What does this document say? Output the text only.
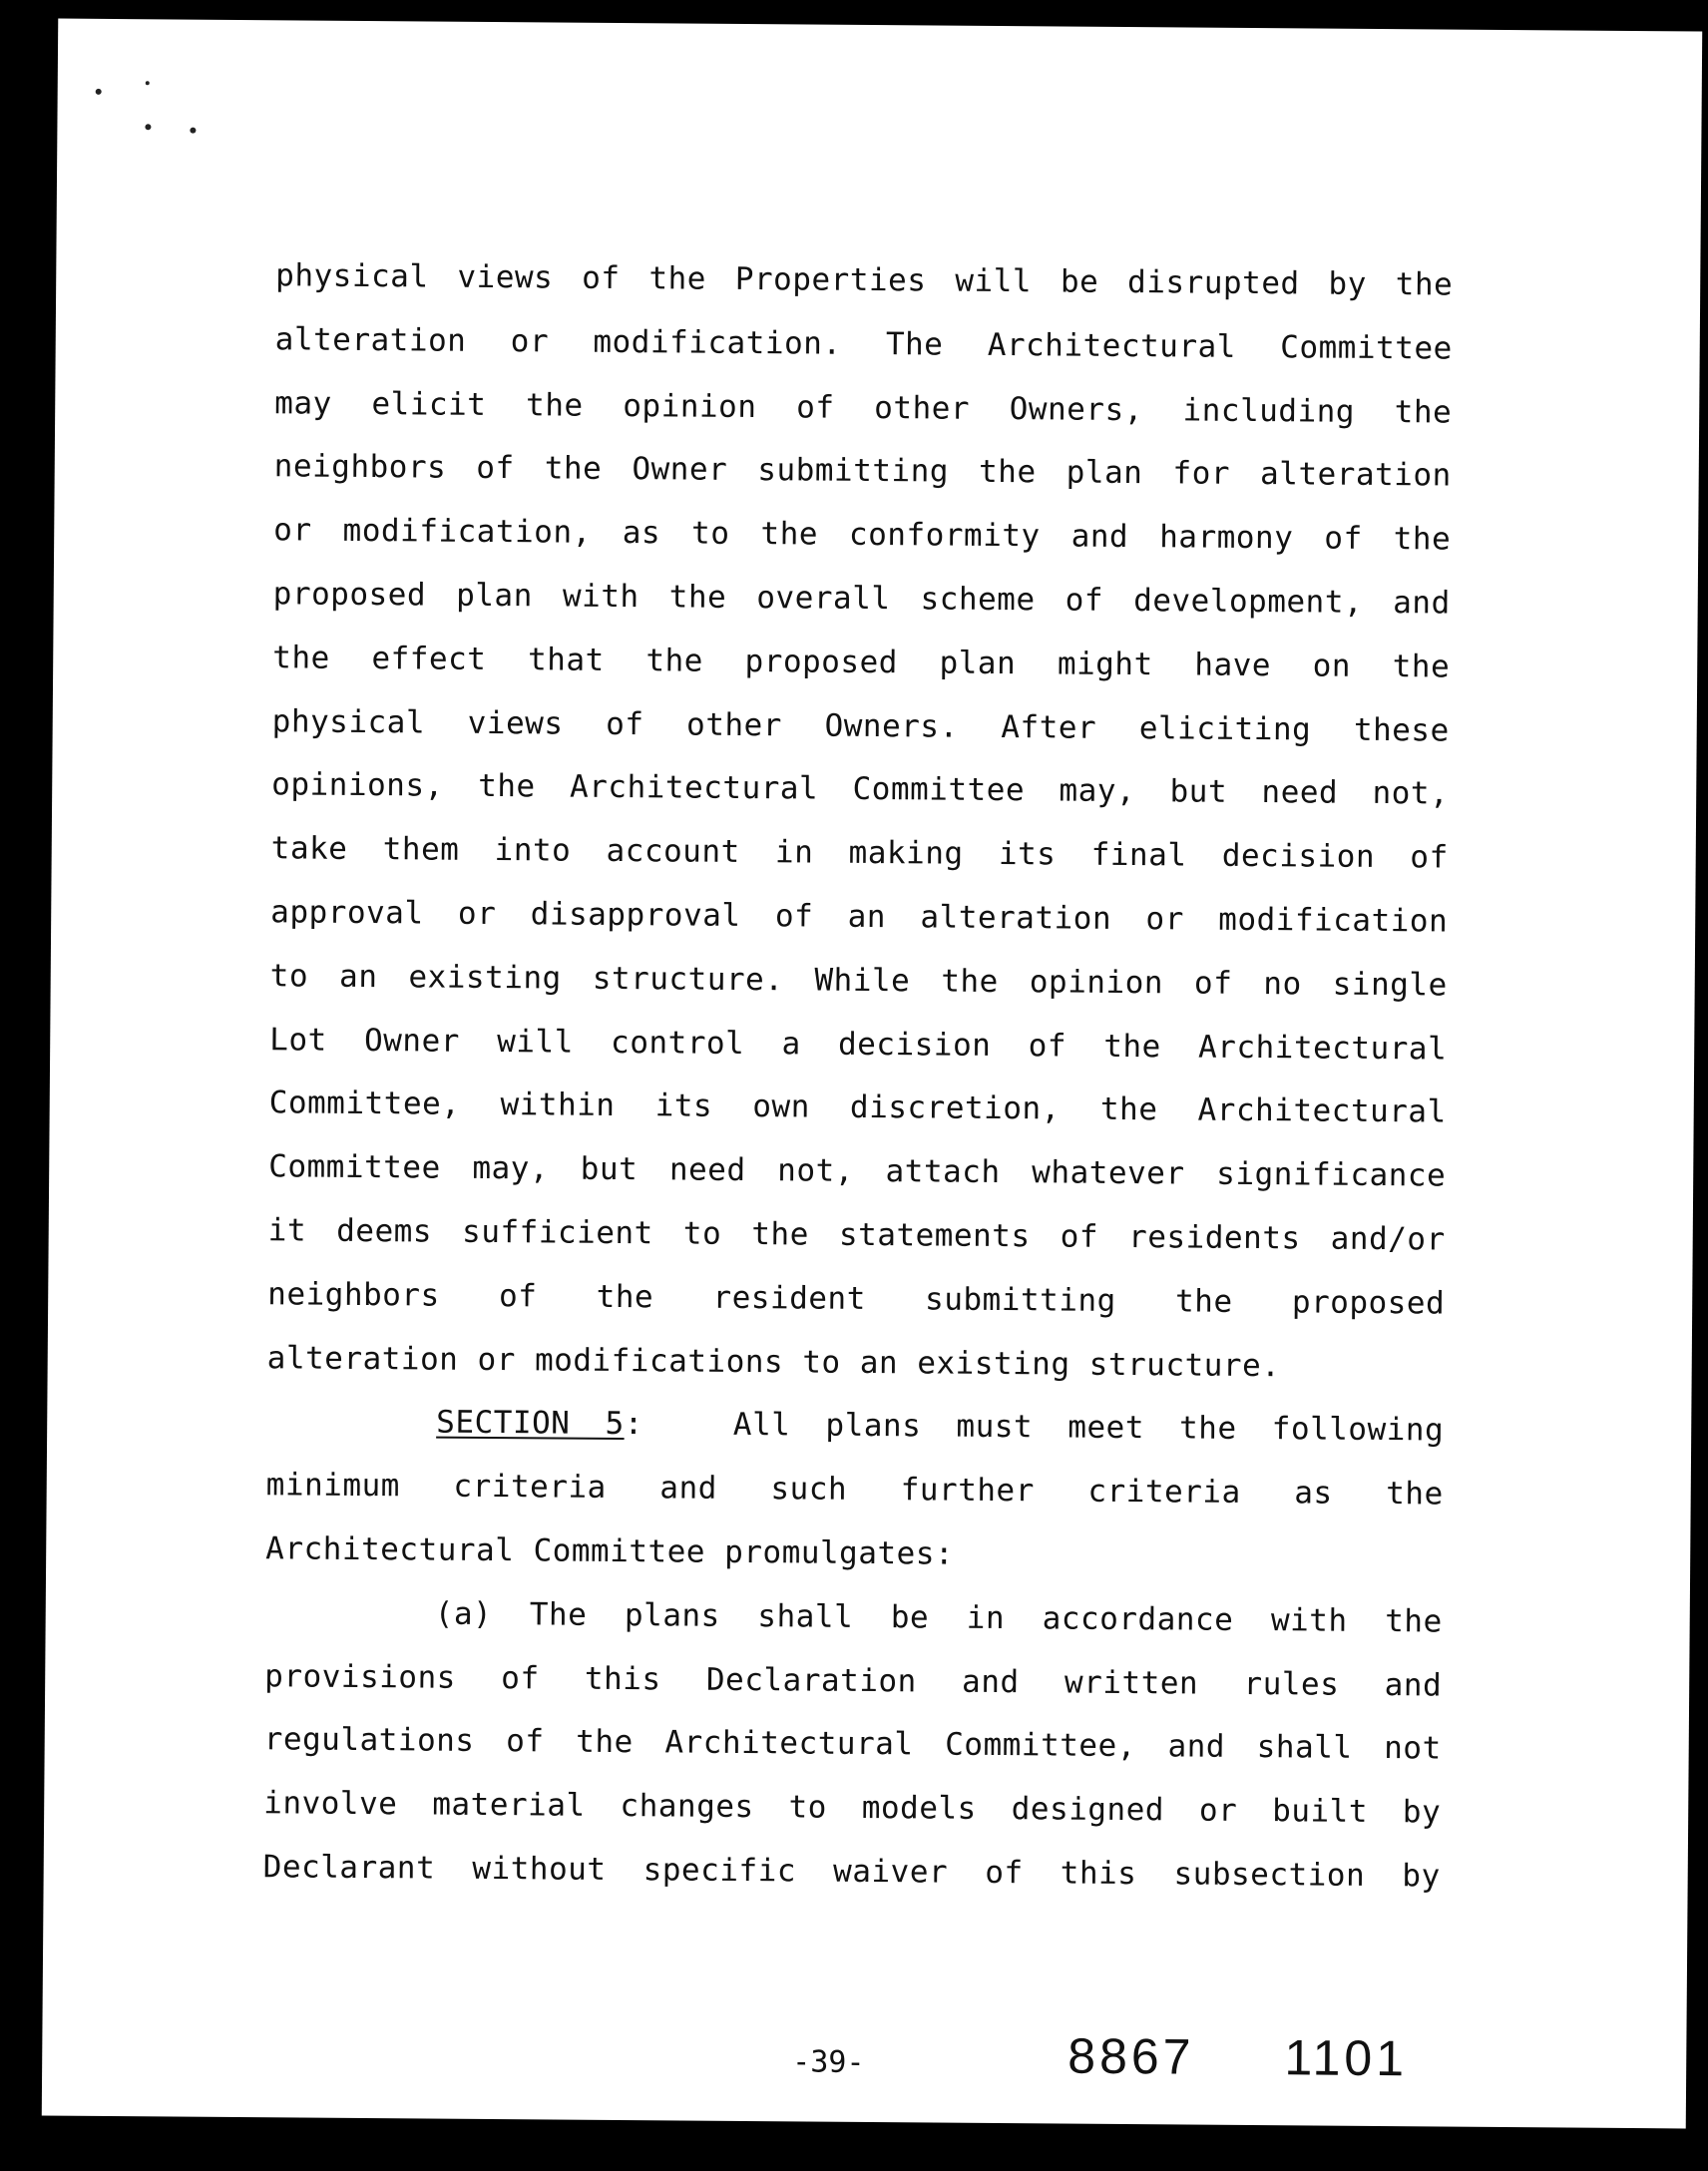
physical views of the Properties will be disrupted by the
alteration or modification. The Architectural Committee
may elicit the opinion of other Owners, including the
neighbors of the Owner submitting the plan for alteration
or modification, as to the conformity and harmony of the
proposed plan with the overall scheme of development, and
the effect that the proposed plan might have on the
physical views of other Owners. After eliciting these
opinions, the Architectural Committee may, but need not,
take them into account in making its final decision of
approval or disapproval of an alteration or modification
to an existing structure. While the opinion of no single
Lot Owner will control a decision of the Architectural
Committee, within its own discretion, the Architectural
Committee may, but need not, attach whatever significance
it deems sufficient to the statements of residents and/or
neighbors of the resident submitting the proposed
alteration or modifications to an existing structure.
SECTION 5:	All plans must meet the following
minimum criteria and such further criteria as the
Architectural Committee promulgates:
(a) The plans shall be in accordance with the
provisions of this Declaration and written rules and
regulations of the Architectural Committee, and shall not
involve material changes to models designed or built by
Declarant without specific waiver of this subsection by
-39-	8867 1101
